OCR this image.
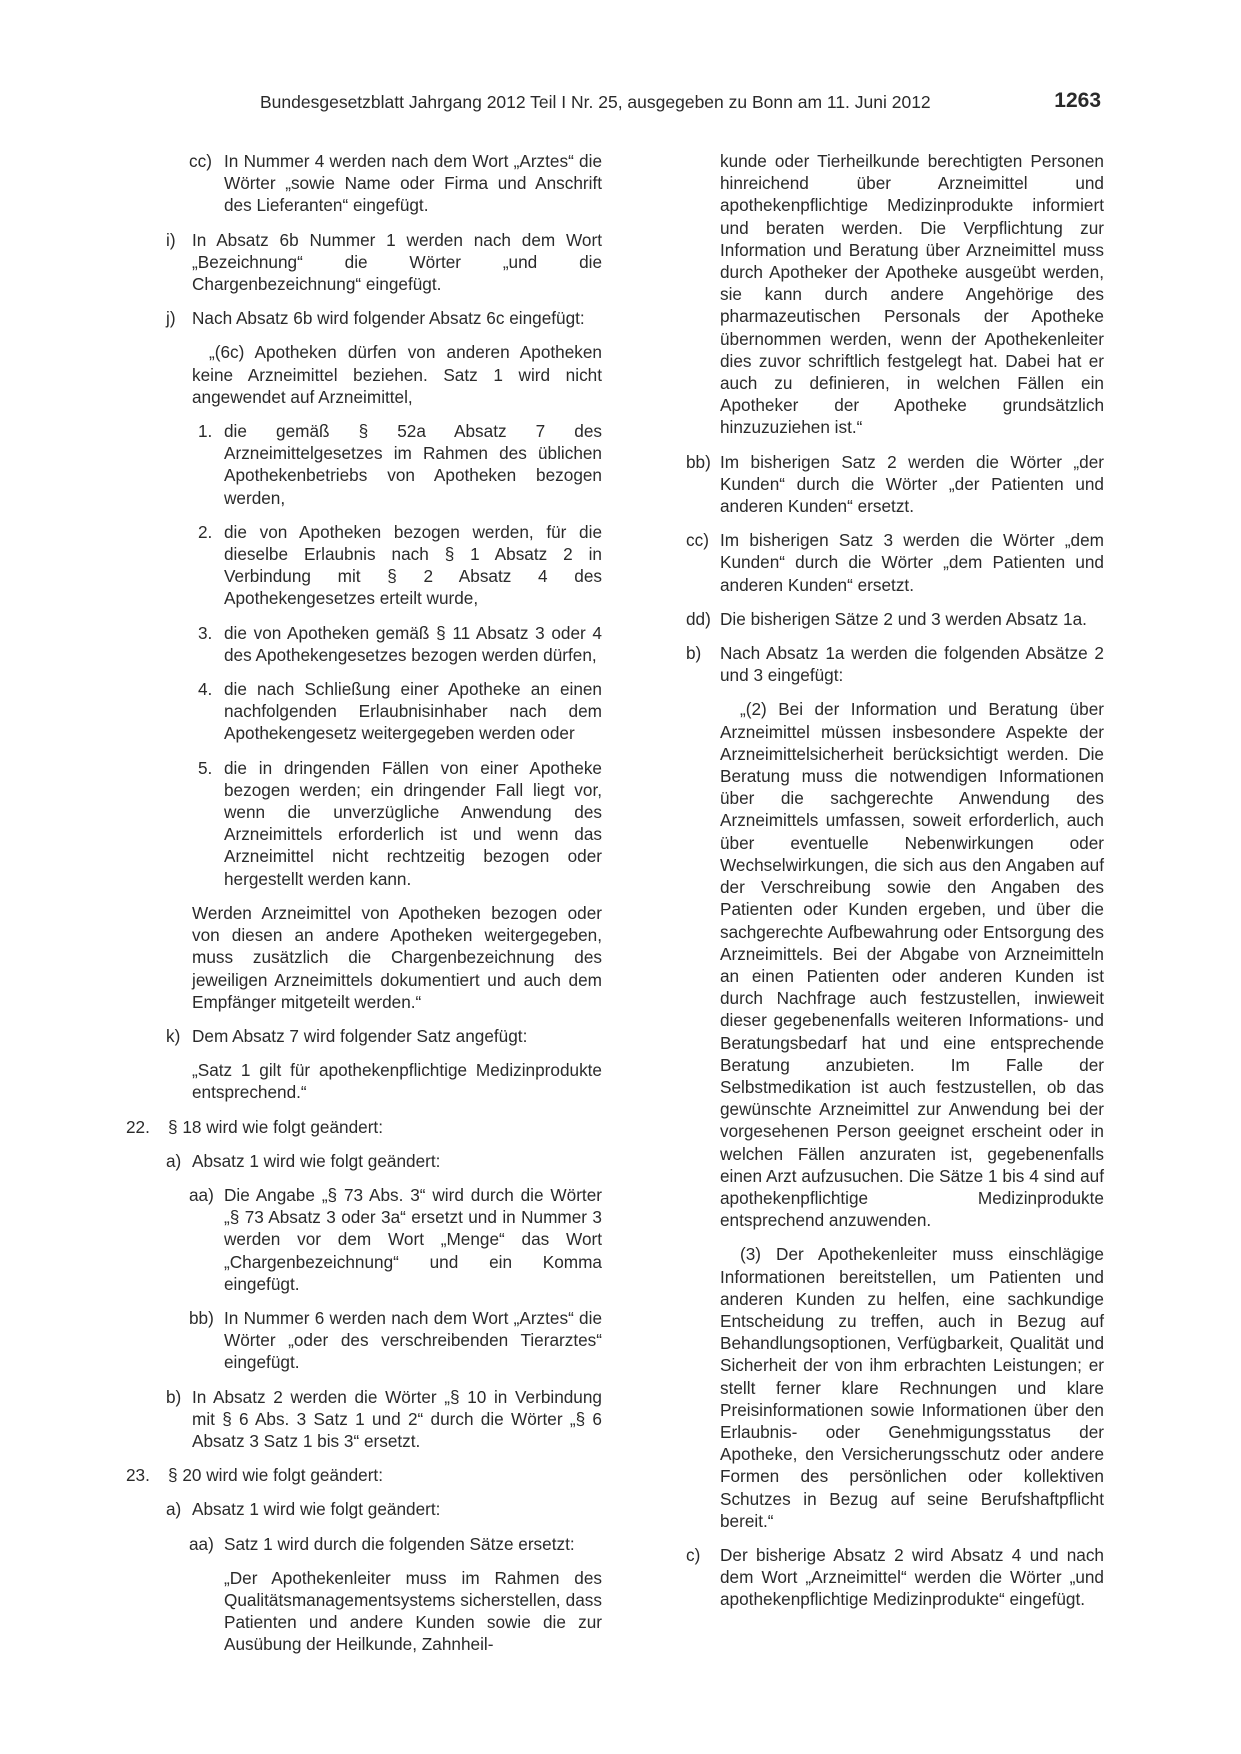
Bundesgesetzblatt Jahrgang 2012 Teil I Nr. 25, ausgegeben zu Bonn am 11. Juni 2012	1263
cc) In Nummer 4 werden nach dem Wort „Arztes“ die Wörter „sowie Name oder Firma und Anschrift des Lieferanten“ eingefügt.
i) In Absatz 6b Nummer 1 werden nach dem Wort „Bezeichnung“ die Wörter „und die Chargenbezeichnung“ eingefügt.
j) Nach Absatz 6b wird folgender Absatz 6c eingefügt:
„(6c) Apotheken dürfen von anderen Apotheken keine Arzneimittel beziehen. Satz 1 wird nicht angewendet auf Arzneimittel,
1. die gemäß § 52a Absatz 7 des Arzneimittelgesetzes im Rahmen des üblichen Apothekenbetriebs von Apotheken bezogen werden,
2. die von Apotheken bezogen werden, für die dieselbe Erlaubnis nach § 1 Absatz 2 in Verbindung mit § 2 Absatz 4 des Apothekengesetzes erteilt wurde,
3. die von Apotheken gemäß § 11 Absatz 3 oder 4 des Apothekengesetzes bezogen werden dürfen,
4. die nach Schließung einer Apotheke an einen nachfolgenden Erlaubnisinhaber nach dem Apothekengesetz weitergegeben werden oder
5. die in dringenden Fällen von einer Apotheke bezogen werden; ein dringender Fall liegt vor, wenn die unverzügliche Anwendung des Arzneimittels erforderlich ist und wenn das Arzneimittel nicht rechtzeitig bezogen oder hergestellt werden kann.
Werden Arzneimittel von Apotheken bezogen oder von diesen an andere Apotheken weitergegeben, muss zusätzlich die Chargenbezeichnung des jeweiligen Arzneimittels dokumentiert und auch dem Empfänger mitgeteilt werden.“
k) Dem Absatz 7 wird folgender Satz angefügt:
„Satz 1 gilt für apothekenpflichtige Medizinprodukte entsprechend.“
22. § 18 wird wie folgt geändert:
a) Absatz 1 wird wie folgt geändert:
aa) Die Angabe „§ 73 Abs. 3“ wird durch die Wörter „§ 73 Absatz 3 oder 3a“ ersetzt und in Nummer 3 werden vor dem Wort „Menge“ das Wort „Chargenbezeichnung“ und ein Komma eingefügt.
bb) In Nummer 6 werden nach dem Wort „Arztes“ die Wörter „oder des verschreibenden Tierarztes“ eingefügt.
b) In Absatz 2 werden die Wörter „§ 10 in Verbindung mit § 6 Abs. 3 Satz 1 und 2“ durch die Wörter „§ 6 Absatz 3 Satz 1 bis 3“ ersetzt.
23. § 20 wird wie folgt geändert:
a) Absatz 1 wird wie folgt geändert:
aa) Satz 1 wird durch die folgenden Sätze ersetzt:
„Der Apothekenleiter muss im Rahmen des Qualitätsmanagementsystems sicherstellen, dass Patienten und andere Kunden sowie die zur Ausübung der Heilkunde, Zahnheil-
kunde oder Tierheilkunde berechtigten Personen hinreichend über Arzneimittel und apothekenpflichtige Medizinprodukte informiert und beraten werden. Die Verpflichtung zur Information und Beratung über Arzneimittel muss durch Apotheker der Apotheke ausgeübt werden, sie kann durch andere Angehörige des pharmazeutischen Personals der Apotheke übernommen werden, wenn der Apothekenleiter dies zuvor schriftlich festgelegt hat. Dabei hat er auch zu definieren, in welchen Fällen ein Apotheker der Apotheke grundsätzlich hinzuzuziehen ist.“
bb) Im bisherigen Satz 2 werden die Wörter „der Kunden“ durch die Wörter „der Patienten und anderen Kunden“ ersetzt.
cc) Im bisherigen Satz 3 werden die Wörter „dem Kunden“ durch die Wörter „dem Patienten und anderen Kunden“ ersetzt.
dd) Die bisherigen Sätze 2 und 3 werden Absatz 1a.
b) Nach Absatz 1a werden die folgenden Absätze 2 und 3 eingefügt:
„(2) Bei der Information und Beratung über Arzneimittel müssen insbesondere Aspekte der Arzneimittelsicherheit berücksichtigt werden. Die Beratung muss die notwendigen Informationen über die sachgerechte Anwendung des Arzneimittels umfassen, soweit erforderlich, auch über eventuelle Nebenwirkungen oder Wechselwirkungen, die sich aus den Angaben auf der Verschreibung sowie den Angaben des Patienten oder Kunden ergeben, und über die sachgerechte Aufbewahrung oder Entsorgung des Arzneimittels. Bei der Abgabe von Arzneimitteln an einen Patienten oder anderen Kunden ist durch Nachfrage auch festzustellen, inwieweit dieser gegebenenfalls weiteren Informations- und Beratungsbedarf hat und eine entsprechende Beratung anzubieten. Im Falle der Selbstmedikation ist auch festzustellen, ob das gewünschte Arzneimittel zur Anwendung bei der vorgesehenen Person geeignet erscheint oder in welchen Fällen anzuraten ist, gegebenenfalls einen Arzt aufzusuchen. Die Sätze 1 bis 4 sind auf apothekenpflichtige Medizinprodukte entsprechend anzuwenden.
(3) Der Apothekenleiter muss einschlägige Informationen bereitstellen, um Patienten und anderen Kunden zu helfen, eine sachkundige Entscheidung zu treffen, auch in Bezug auf Behandlungsoptionen, Verfügbarkeit, Qualität und Sicherheit der von ihm erbrachten Leistungen; er stellt ferner klare Rechnungen und klare Preisinformationen sowie Informationen über den Erlaubnis- oder Genehmigungsstatus der Apotheke, den Versicherungsschutz oder andere Formen des persönlichen oder kollektiven Schutzes in Bezug auf seine Berufshaftpflicht bereit.“
c) Der bisherige Absatz 2 wird Absatz 4 und nach dem Wort „Arzneimittel“ werden die Wörter „und apothekenpflichtige Medizinprodukte“ eingefügt.
